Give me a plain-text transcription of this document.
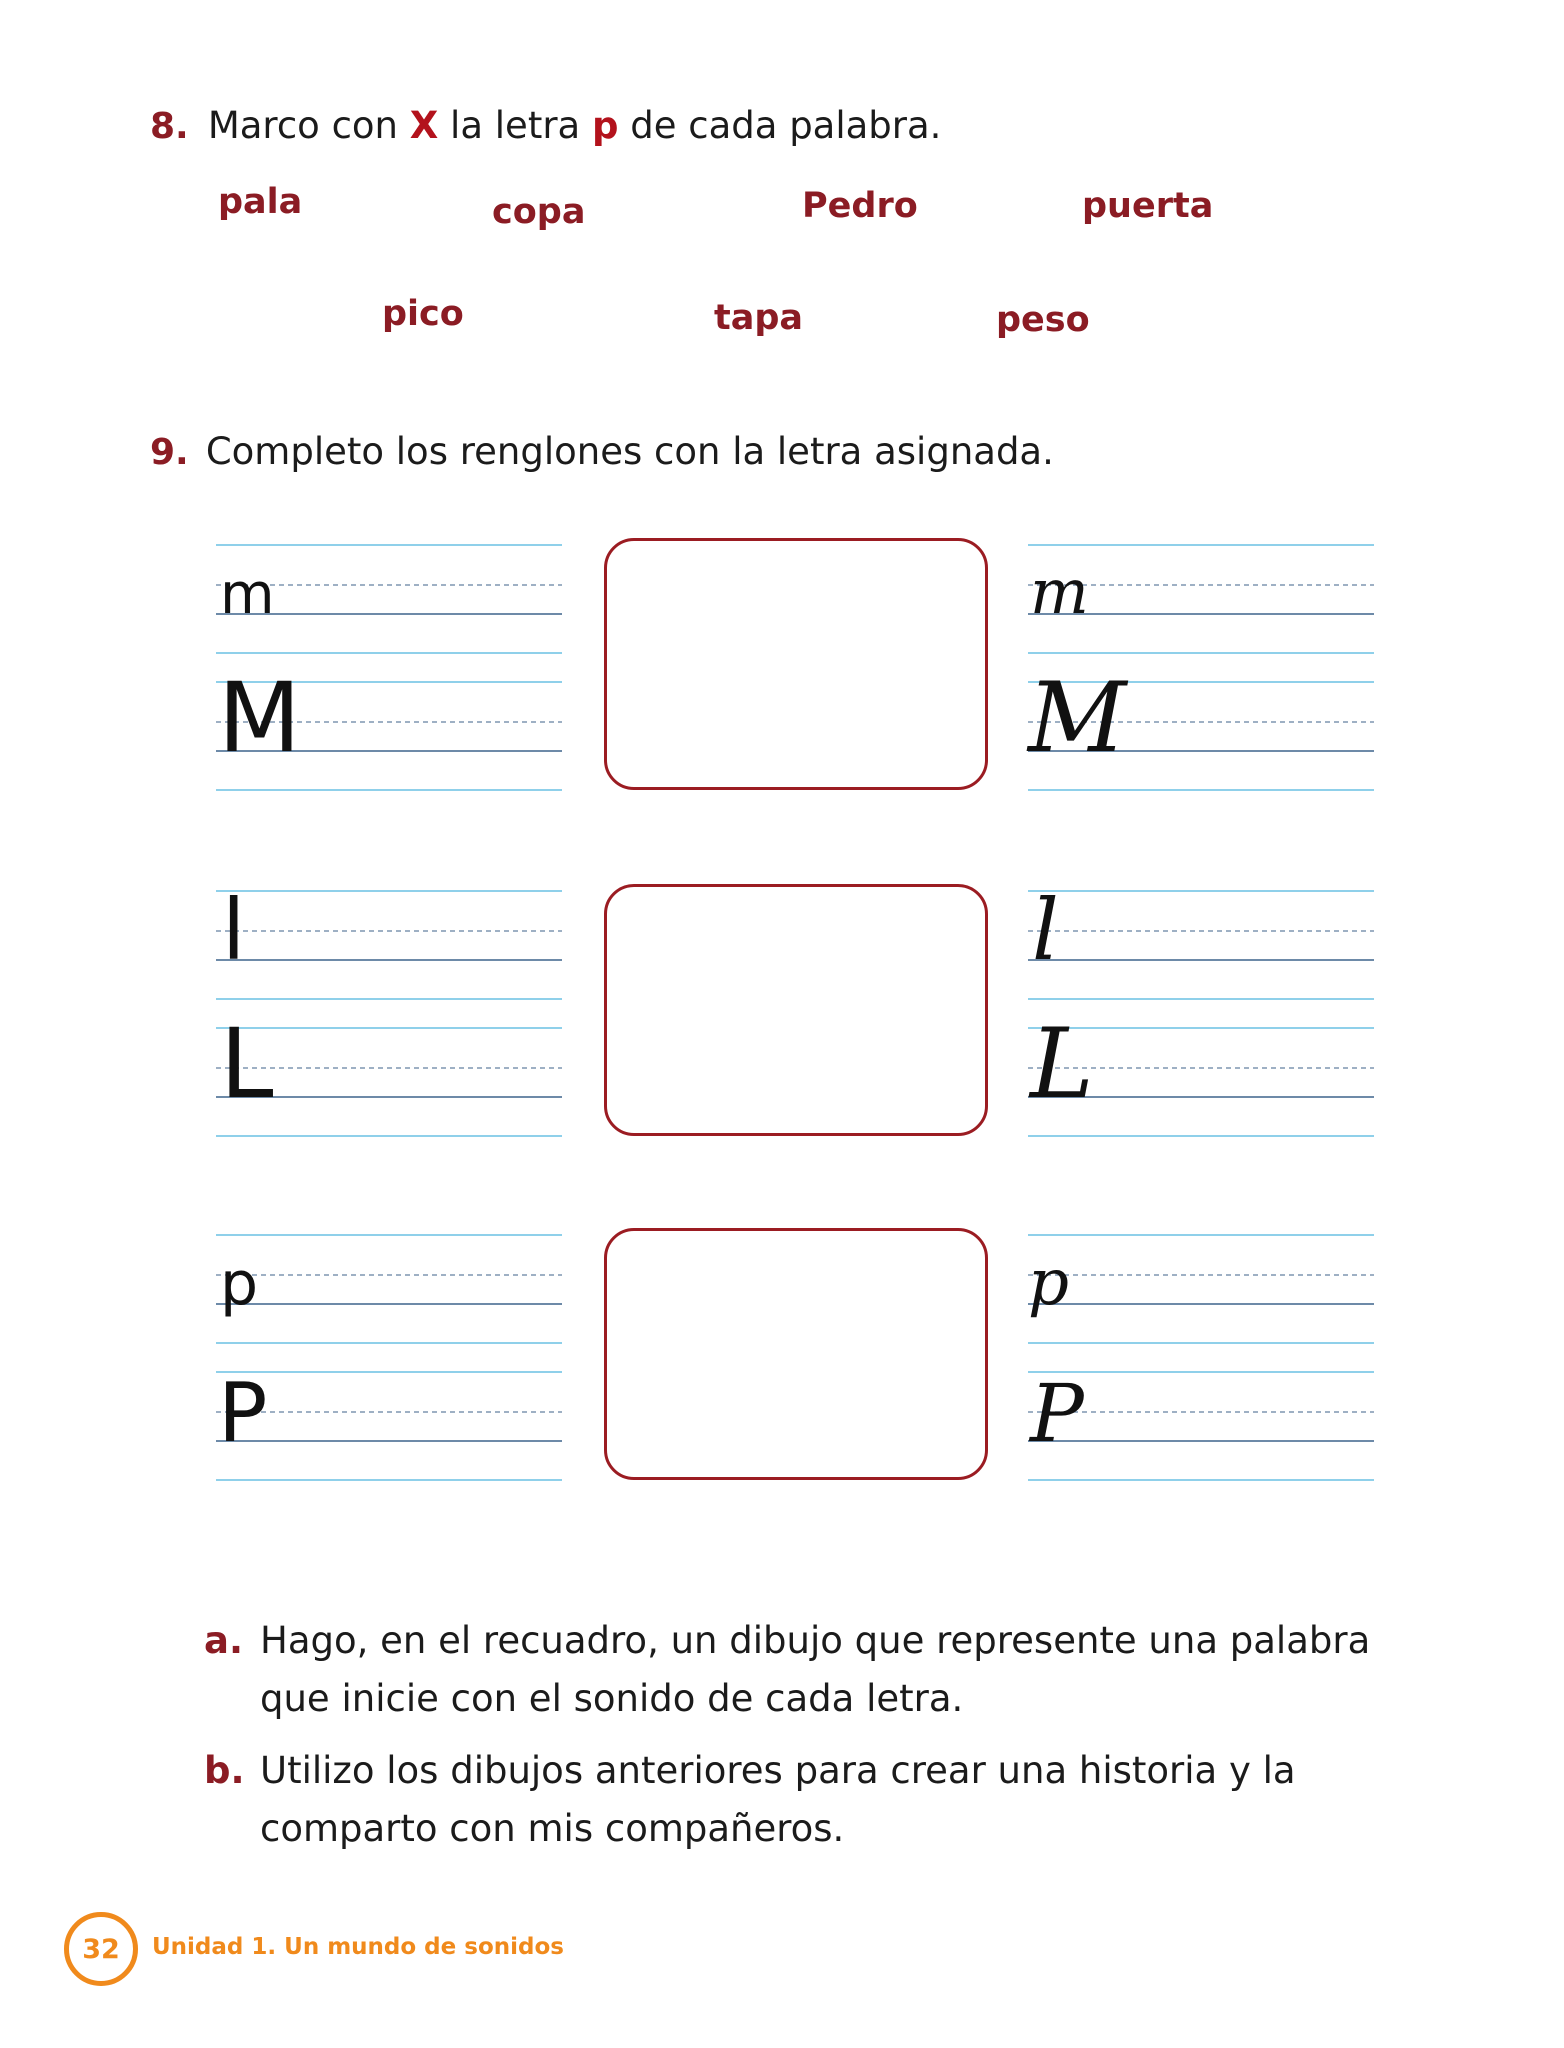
8. Marco con X la letra p de cada palabra.
pala	copa	Pedro	puerta
pico	tapa	peso
9. Completo los renglones con la letra asignada.
m
M
m
M
l
L
l
L
p
P
p
P
a. Hago, en el recuadro, un dibujo que represente una palabra
que inicie con el sonido de cada letra.
b. Utilizo los dibujos anteriores para crear una historia y la
comparto con mis compañeros.
32 Unidad 1. Un mundo de sonidos
